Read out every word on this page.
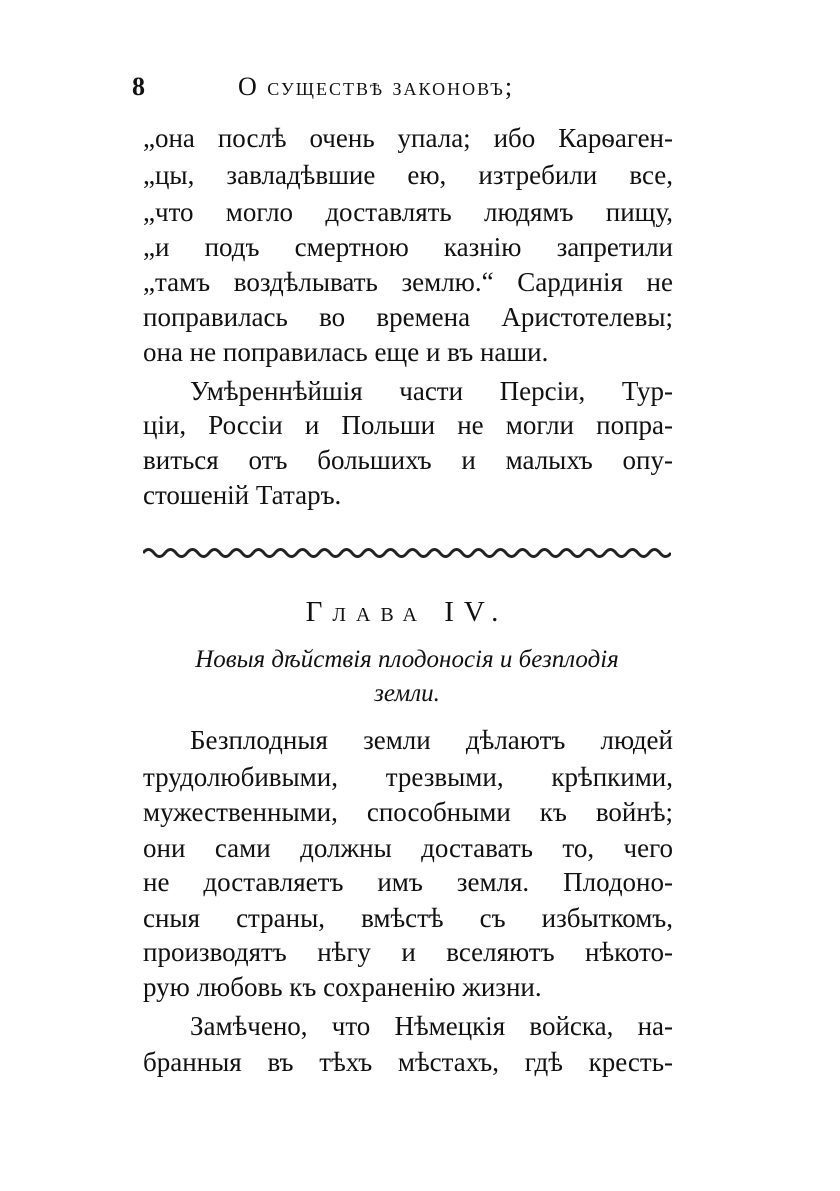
8	О существѣ законовъ;
„она послѣ очень упала; ибо Карѳаген-
„цы, завладѣвшие ею, изтребили все,
„что могло доставлять людямъ пищу,
„и подъ смертною казнію запретили
„тамъ воздѣлывать землю.“ Сардинія не
поправилась во времена Аристотелевы;
она не поправилась еще и въ наши.
Умѣреннѣйшія части Персіи, Тур-
ціи, Россіи и Польши не могли попра-
виться отъ большихъ и малыхъ опу-
стошеній Татаръ.
Глава IV.
Новыя дѣйствія плодоносія и безплодія
земли.
Безплодныя земли дѣлаютъ людей
трудолюбивыми, трезвыми, крѣпкими,
мужественными, способными къ войнѣ;
они сами должны доставать то, чего
не доставляетъ имъ земля. Плодоно-
сныя страны, вмѣстѣ съ избыткомъ,
производятъ нѣгу и вселяютъ нѣкото-
рую любовь къ сохраненію жизни.
Замѣчено, что Нѣмецкія войска, на-
бранныя въ тѣхъ мѣстахъ, гдѣ кресть-
